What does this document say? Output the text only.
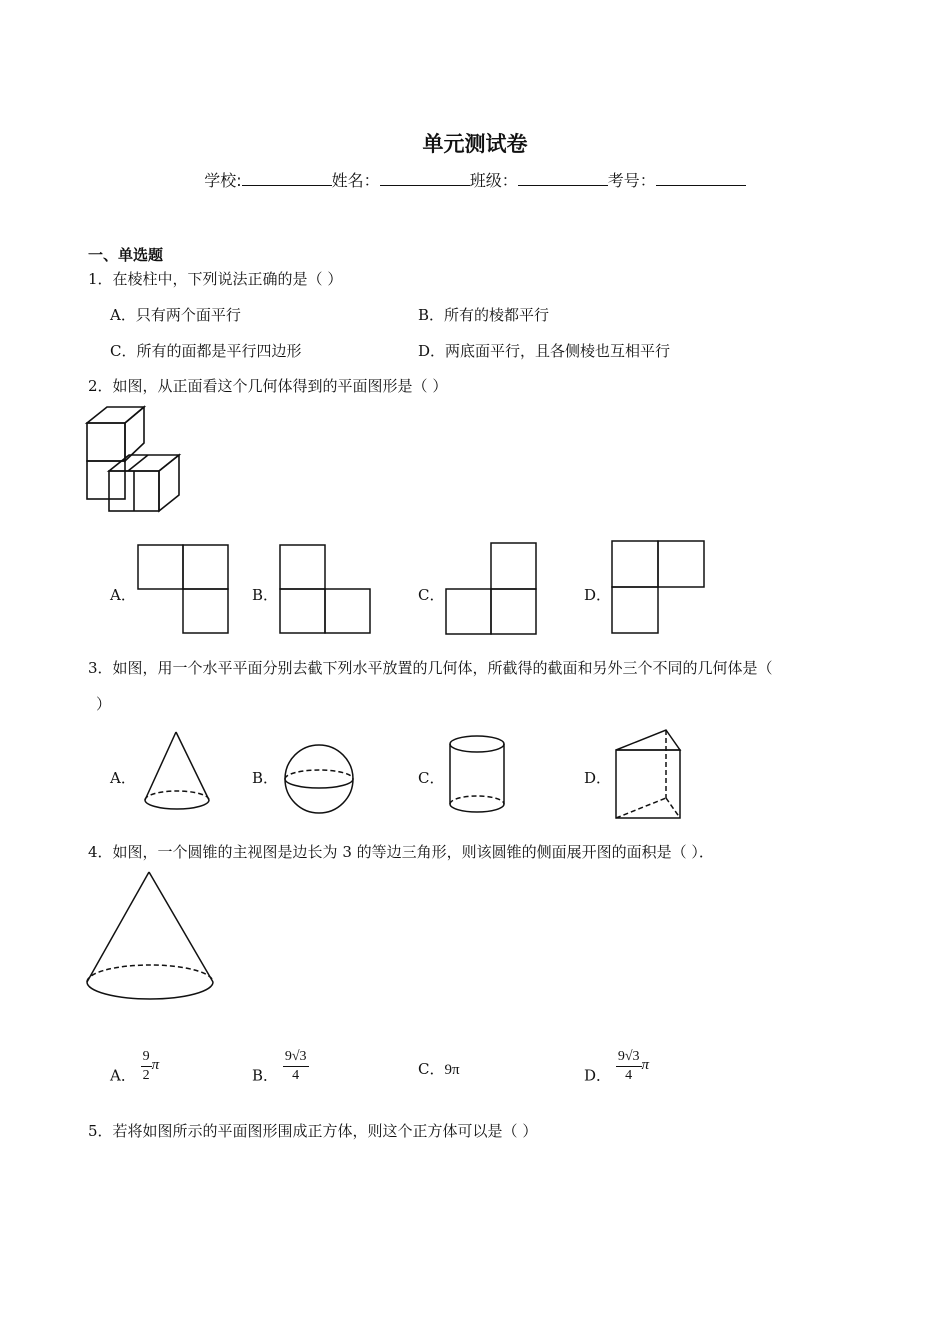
单元测试卷
学校:	姓名：	班级：	考号：
一、单选题
1．在棱柱中，下列说法正确的是（ ）
A．只有两个面平行	B．所有的棱都平行
C．所有的面都是平行四边形	D．两底面平行，且各侧棱也互相平行
2．如图，从正面看这个几何体得到的平面图形是（ ）
A．	B．	C．	D．
3．如图，用一个水平平面分别去截下列水平放置的几何体，所截得的截面和另外三个不同的几何体是（
）
A．	B．	C．	D．
4．如图，一个圆锥的主视图是边长为 3 的等边三角形，则该圆锥的侧面展开图的面积是（ ）．
A． $\frac{9}{2}$ π
B． $\frac{9√3}{4}$	C．9π	D． $\frac{9√3}{4}$ π
5．若将如图所示的平面图形围成正方体，则这个正方体可以是（ ）
